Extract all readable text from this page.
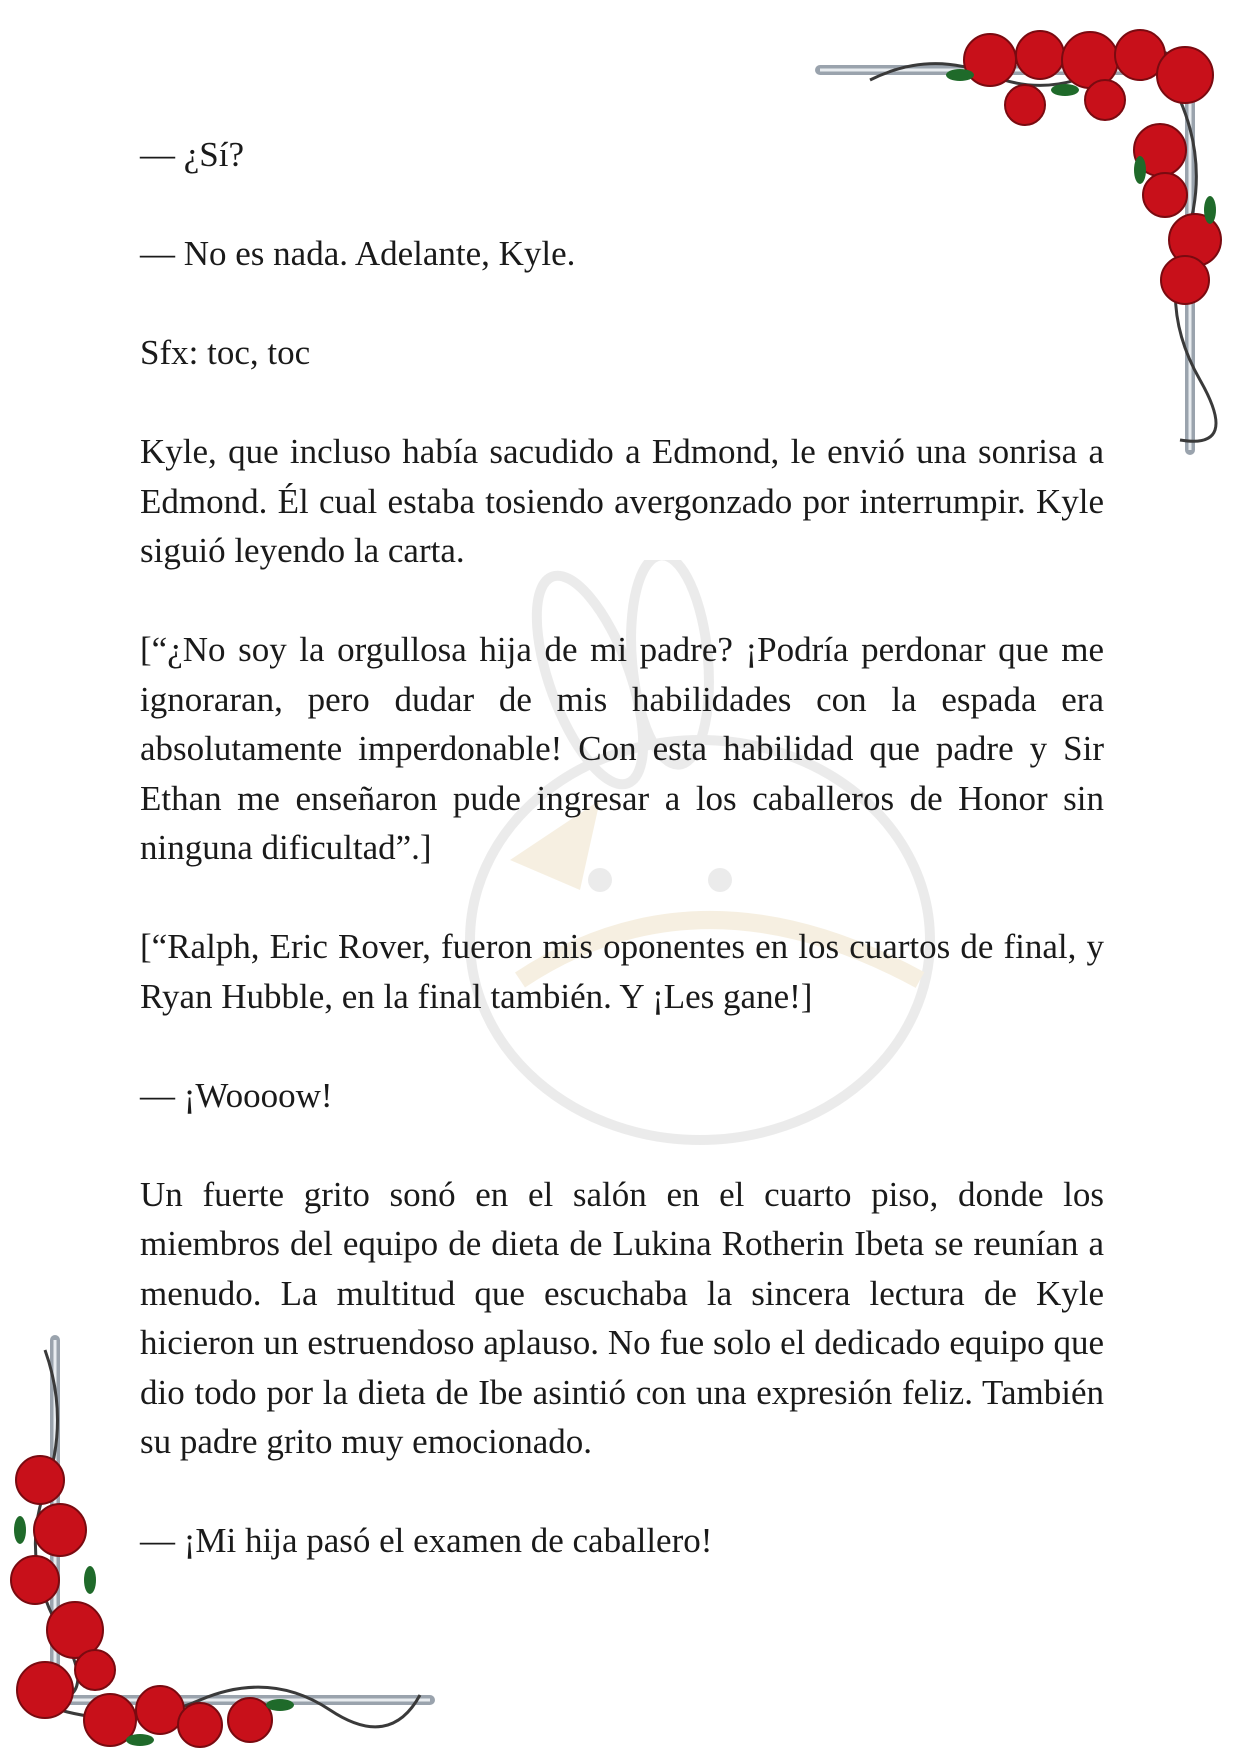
— ¿Sí?

— No es nada. Adelante, Kyle.

Sfx: toc, toc

Kyle, que incluso había sacudido a Edmond, le envió una sonrisa a Edmond. Él cual estaba tosiendo avergonzado por interrumpir. Kyle siguió leyendo la carta.

[“¿No soy la orgullosa hija de mi padre? ¡Podría perdonar que me ignoraran, pero dudar de mis habilidades con la espada era absolutamente imperdonable! Con esta habilidad que padre y Sir Ethan me enseñaron pude ingresar a los caballeros de Honor sin ninguna dificultad”.]

[“Ralph, Eric Rover, fueron mis oponentes en los cuartos de final, y Ryan Hubble, en la final también. Y ¡Les gane!]

— ¡Woooow!

Un fuerte grito sonó en el salón en el cuarto piso, donde los miembros del equipo de dieta de Lukina Rotherin Ibeta se reunían a menudo. La multitud que escuchaba la sincera lectura de Kyle hicieron un estruendoso aplauso. No fue solo el dedicado equipo que dio todo por la dieta de Ibe asintió con una expresión feliz. También su padre grito muy emocionado.

— ¡Mi hija pasó el examen de caballero!
